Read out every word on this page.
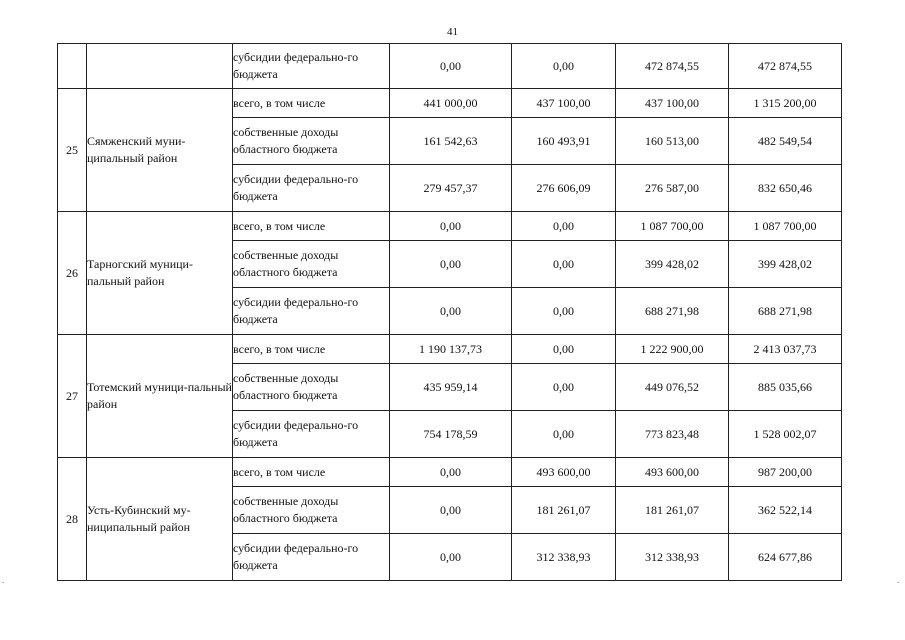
41
		субсидии федерально-го бюджета	0,00	0,00	472 874,55	472 874,55
25	Сямженский муни-ципальный район	всего, в том числе	441 000,00	437 100,00	437 100,00	1 315 200,00
		собственные доходы областного бюджета	161 542,63	160 493,91	160 513,00	482 549,54
		субсидии федерально-го бюджета	279 457,37	276 606,09	276 587,00	832 650,46
26	Тарногский муници-пальный район	всего, в том числе	0,00	0,00	1 087 700,00	1 087 700,00
		собственные доходы областного бюджета	0,00	0,00	399 428,02	399 428,02
		субсидии федерально-го бюджета	0,00	0,00	688 271,98	688 271,98
27	Тотемский муници-пальный район	всего, в том числе	1 190 137,73	0,00	1 222 900,00	2 413 037,73
		собственные доходы областного бюджета	435 959,14	0,00	449 076,52	885 035,66
		субсидии федерально-го бюджета	754 178,59	0,00	773 823,48	1 528 002,07
28	Усть-Кубинский му-ниципальный район	всего, в том числе	0,00	493 600,00	493 600,00	987 200,00
		собственные доходы областного бюджета	0,00	181 261,07	181 261,07	362 522,14
		субсидии федерально-го бюджета	0,00	312 338,93	312 338,93	624 677,86
.	.
